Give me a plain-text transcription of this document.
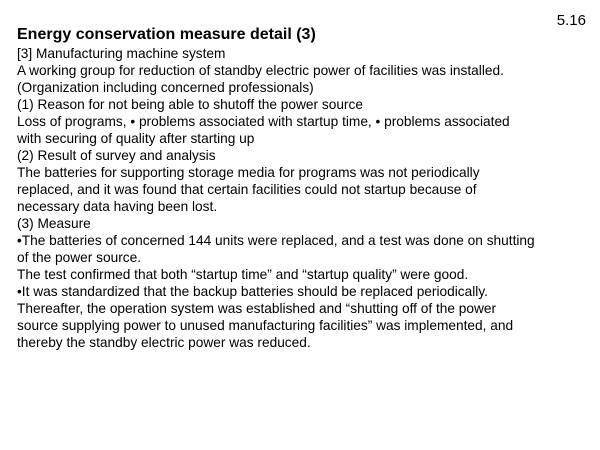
5.16
Energy conservation measure detail (3)
[3] Manufacturing machine system
A working group for reduction of standby electric power of facilities was installed.
(Organization including concerned professionals)
(1) Reason for not being able to shutoff the power source
Loss of programs, • problems associated with startup time, • problems associated
with securing of quality after starting up
(2) Result of survey and analysis
The batteries for supporting storage media for programs was not periodically
replaced, and it was found that certain facilities could not startup because of
necessary data having been lost.
(3) Measure
•The batteries of concerned 144 units were replaced, and a test was done on shutting
of the power source.
The test confirmed that both “startup time” and “startup quality” were good.
•It was standardized that the backup batteries should be replaced periodically.
Thereafter, the operation system was established and “shutting off of the power
source supplying power to unused manufacturing facilities” was implemented, and
thereby the standby electric power was reduced.
